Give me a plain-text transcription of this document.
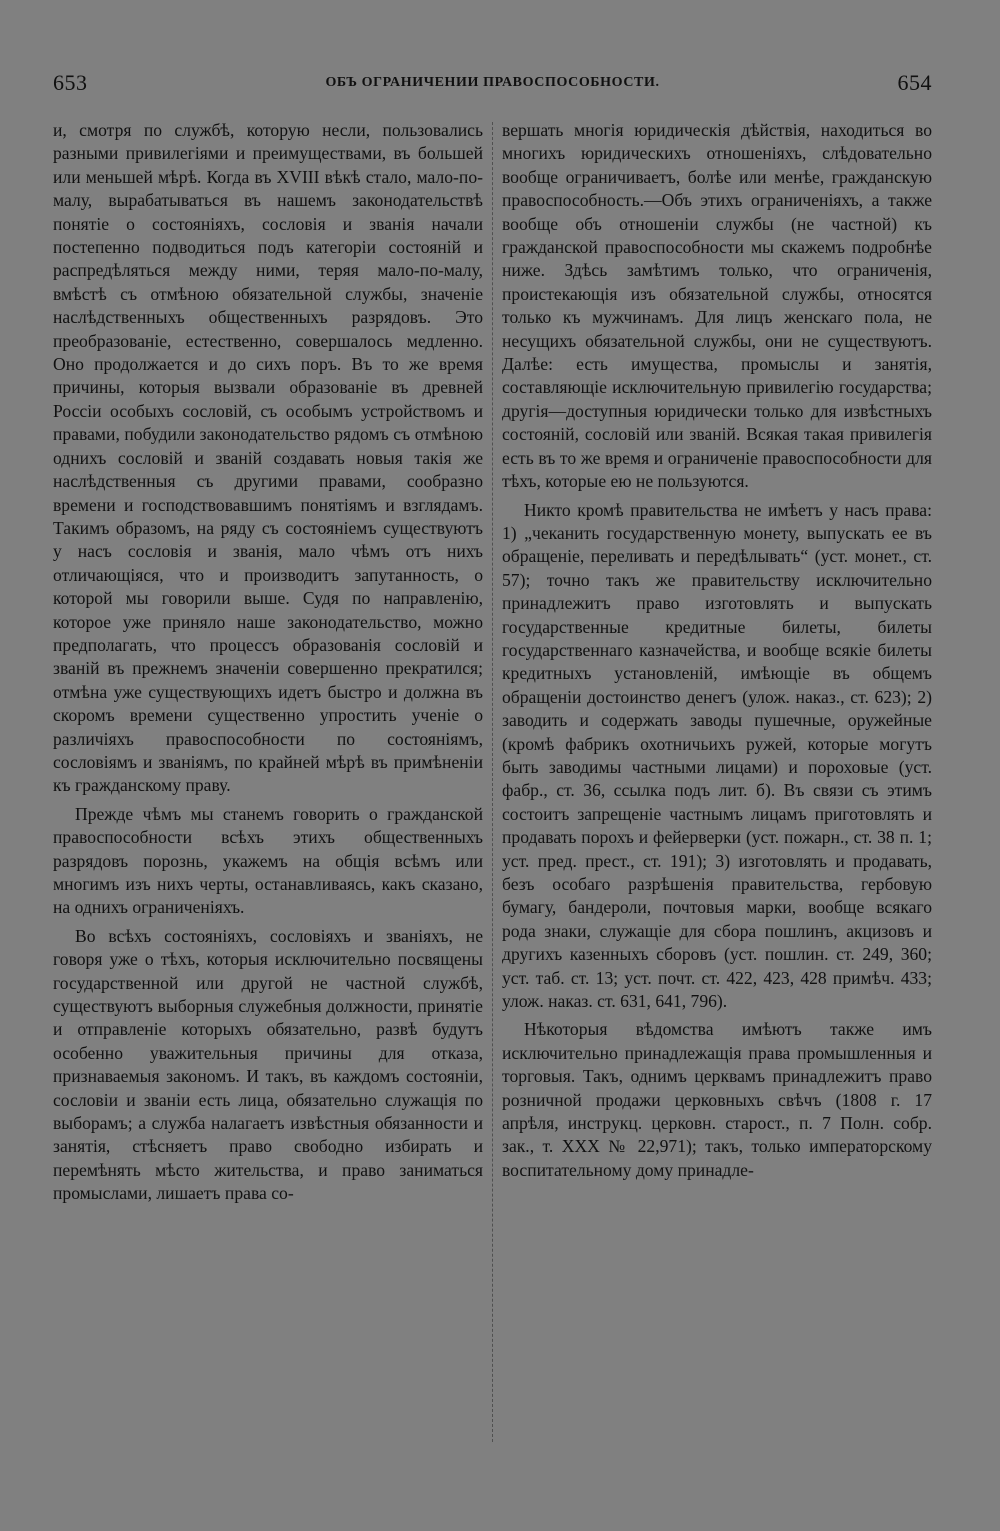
653	ОБЪ ОГРАНИЧЕНИИ ПРАВОСПОСОБНОСТИ.	654

и, смотря по службѣ, которую несли, пользовались разными привилегіями и преимуществами, въ большей или меньшей мѣрѣ. Когда въ XVIII вѣкѣ стало, мало-по-малу, вырабатываться въ нашемъ законодательствѣ понятіе о состояніяхъ, сословія и званія начали постепенно подводиться подъ категоріи состояній и распредѣляться между ними, теряя мало-по-малу, вмѣстѣ съ отмѣною обязательной службы, значеніе наслѣдственныхъ общественныхъ разрядовъ. Это преобразованіе, естественно, совершалось медленно. Оно продолжается и до сихъ поръ. Въ то же время причины, которыя вызвали образованіе въ древней Россіи особыхъ сословій, съ особымъ устройствомъ и правами, побудили законодательство рядомъ съ отмѣною однихъ сословій и званій создавать новыя такія же наслѣдственныя съ другими правами, сообразно времени и господствовавшимъ понятіямъ и взглядамъ. Такимъ образомъ, на ряду съ состояніемъ существуютъ у насъ сословія и званія, мало чѣмъ отъ нихъ отличающіяся, что и производитъ запутанность, о которой мы говорили выше. Судя по направленію, которое уже приняло наше законодательство, можно предполагать, что процессъ образованія сословій и званій въ прежнемъ значеніи совершенно прекратился; отмѣна уже существующихъ идетъ быстро и должна въ скоромъ времени существенно упростить ученіе о различіяхъ правоспособности по состояніямъ, сословіямъ и званіямъ, по крайней мѣрѣ въ примѣненіи къ гражданскому праву.

Прежде чѣмъ мы станемъ говорить о гражданской правоспособности всѣхъ этихъ общественныхъ разрядовъ порознь, укажемъ на общія всѣмъ или многимъ изъ нихъ черты, останавливаясь, какъ сказано, на однихъ ограниченіяхъ.

Во всѣхъ состояніяхъ, сословіяхъ и званіяхъ, не говоря уже о тѣхъ, которыя исключительно посвящены государственной или другой не частной службѣ, существуютъ выборныя служебныя должности, принятіе и отправленіе которыхъ обязательно, развѣ будутъ особенно уважительныя причины для отказа, признаваемыя закономъ. И такъ, въ каждомъ состояніи, сословіи и званіи есть лица, обязательно служащія по выборамъ; а служба налагаетъ извѣстныя обязанности и занятія, стѣсняетъ право свободно избирать и перемѣнять мѣсто жительства, и право заниматься промыслами, лишаетъ права со-

вершать многія юридическія дѣйствія, находиться во многихъ юридическихъ отношеніяхъ, слѣдовательно вообще ограничиваетъ, болѣе или менѣе, гражданскую правоспособность.—Объ этихъ ограниченіяхъ, а также вообще объ отношеніи службы (не частной) къ гражданской правоспособности мы скажемъ подробнѣе ниже. Здѣсь замѣтимъ только, что ограниченія, проистекающія изъ обязательной службы, относятся только къ мужчинамъ. Для лицъ женскаго пола, не несущихъ обязательной службы, они не существуютъ. Далѣе: есть имущества, промыслы и занятія, составляющіе исключительную привилегію государства; другія—доступныя юридически только для извѣстныхъ состояній, сословій или званій. Всякая такая привилегія есть въ то же время и ограниченіе правоспособности для тѣхъ, которые ею не пользуются.

Никто кромѣ правительства не имѣетъ у насъ права: 1) „чеканить государственную монету, выпускать ее въ обращеніе, переливать и передѣлывать“ (уст. монет., ст. 57); точно такъ же правительству исключительно принадлежитъ право изготовлять и выпускать государственные кредитные билеты, билеты государственнаго казначейства, и вообще всякіе билеты кредитныхъ установленій, имѣющіе въ общемъ обращеніи достоинство денегъ (улож. наказ., ст. 623); 2) заводить и содержать заводы пушечные, оружейные (кромѣ фабрикъ охотничьихъ ружей, которые могутъ быть заводимы частными лицами) и пороховые (уст. фабр., ст. 36, ссылка подъ лит. б). Въ связи съ этимъ состоитъ запрещеніе частнымъ лицамъ приготовлять и продавать порохъ и фейерверки (уст. пожарн., ст. 38 п. 1; уст. пред. прест., ст. 191); 3) изготовлять и продавать, безъ особаго разрѣшенія правительства, гербовую бумагу, бандероли, почтовыя марки, вообще всякаго рода знаки, служащіе для сбора пошлинъ, акцизовъ и другихъ казенныхъ сборовъ (уст. пошлин. ст. 249, 360; уст. таб. ст. 13; уст. почт. ст. 422, 423, 428 примѣч. 433; улож. наказ. ст. 631, 641, 796).

Нѣкоторыя вѣдомства имѣютъ также имъ исключительно принадлежащія права промышленныя и торговыя. Такъ, однимъ церквамъ принадлежитъ право розничной продажи церковныхъ свѣчъ (1808 г. 17 апрѣля, инструкц. церковн. старост., п. 7 Полн. собр. зак., т. XXX № 22,971); такъ, только императорскому воспитательному дому принадле-
